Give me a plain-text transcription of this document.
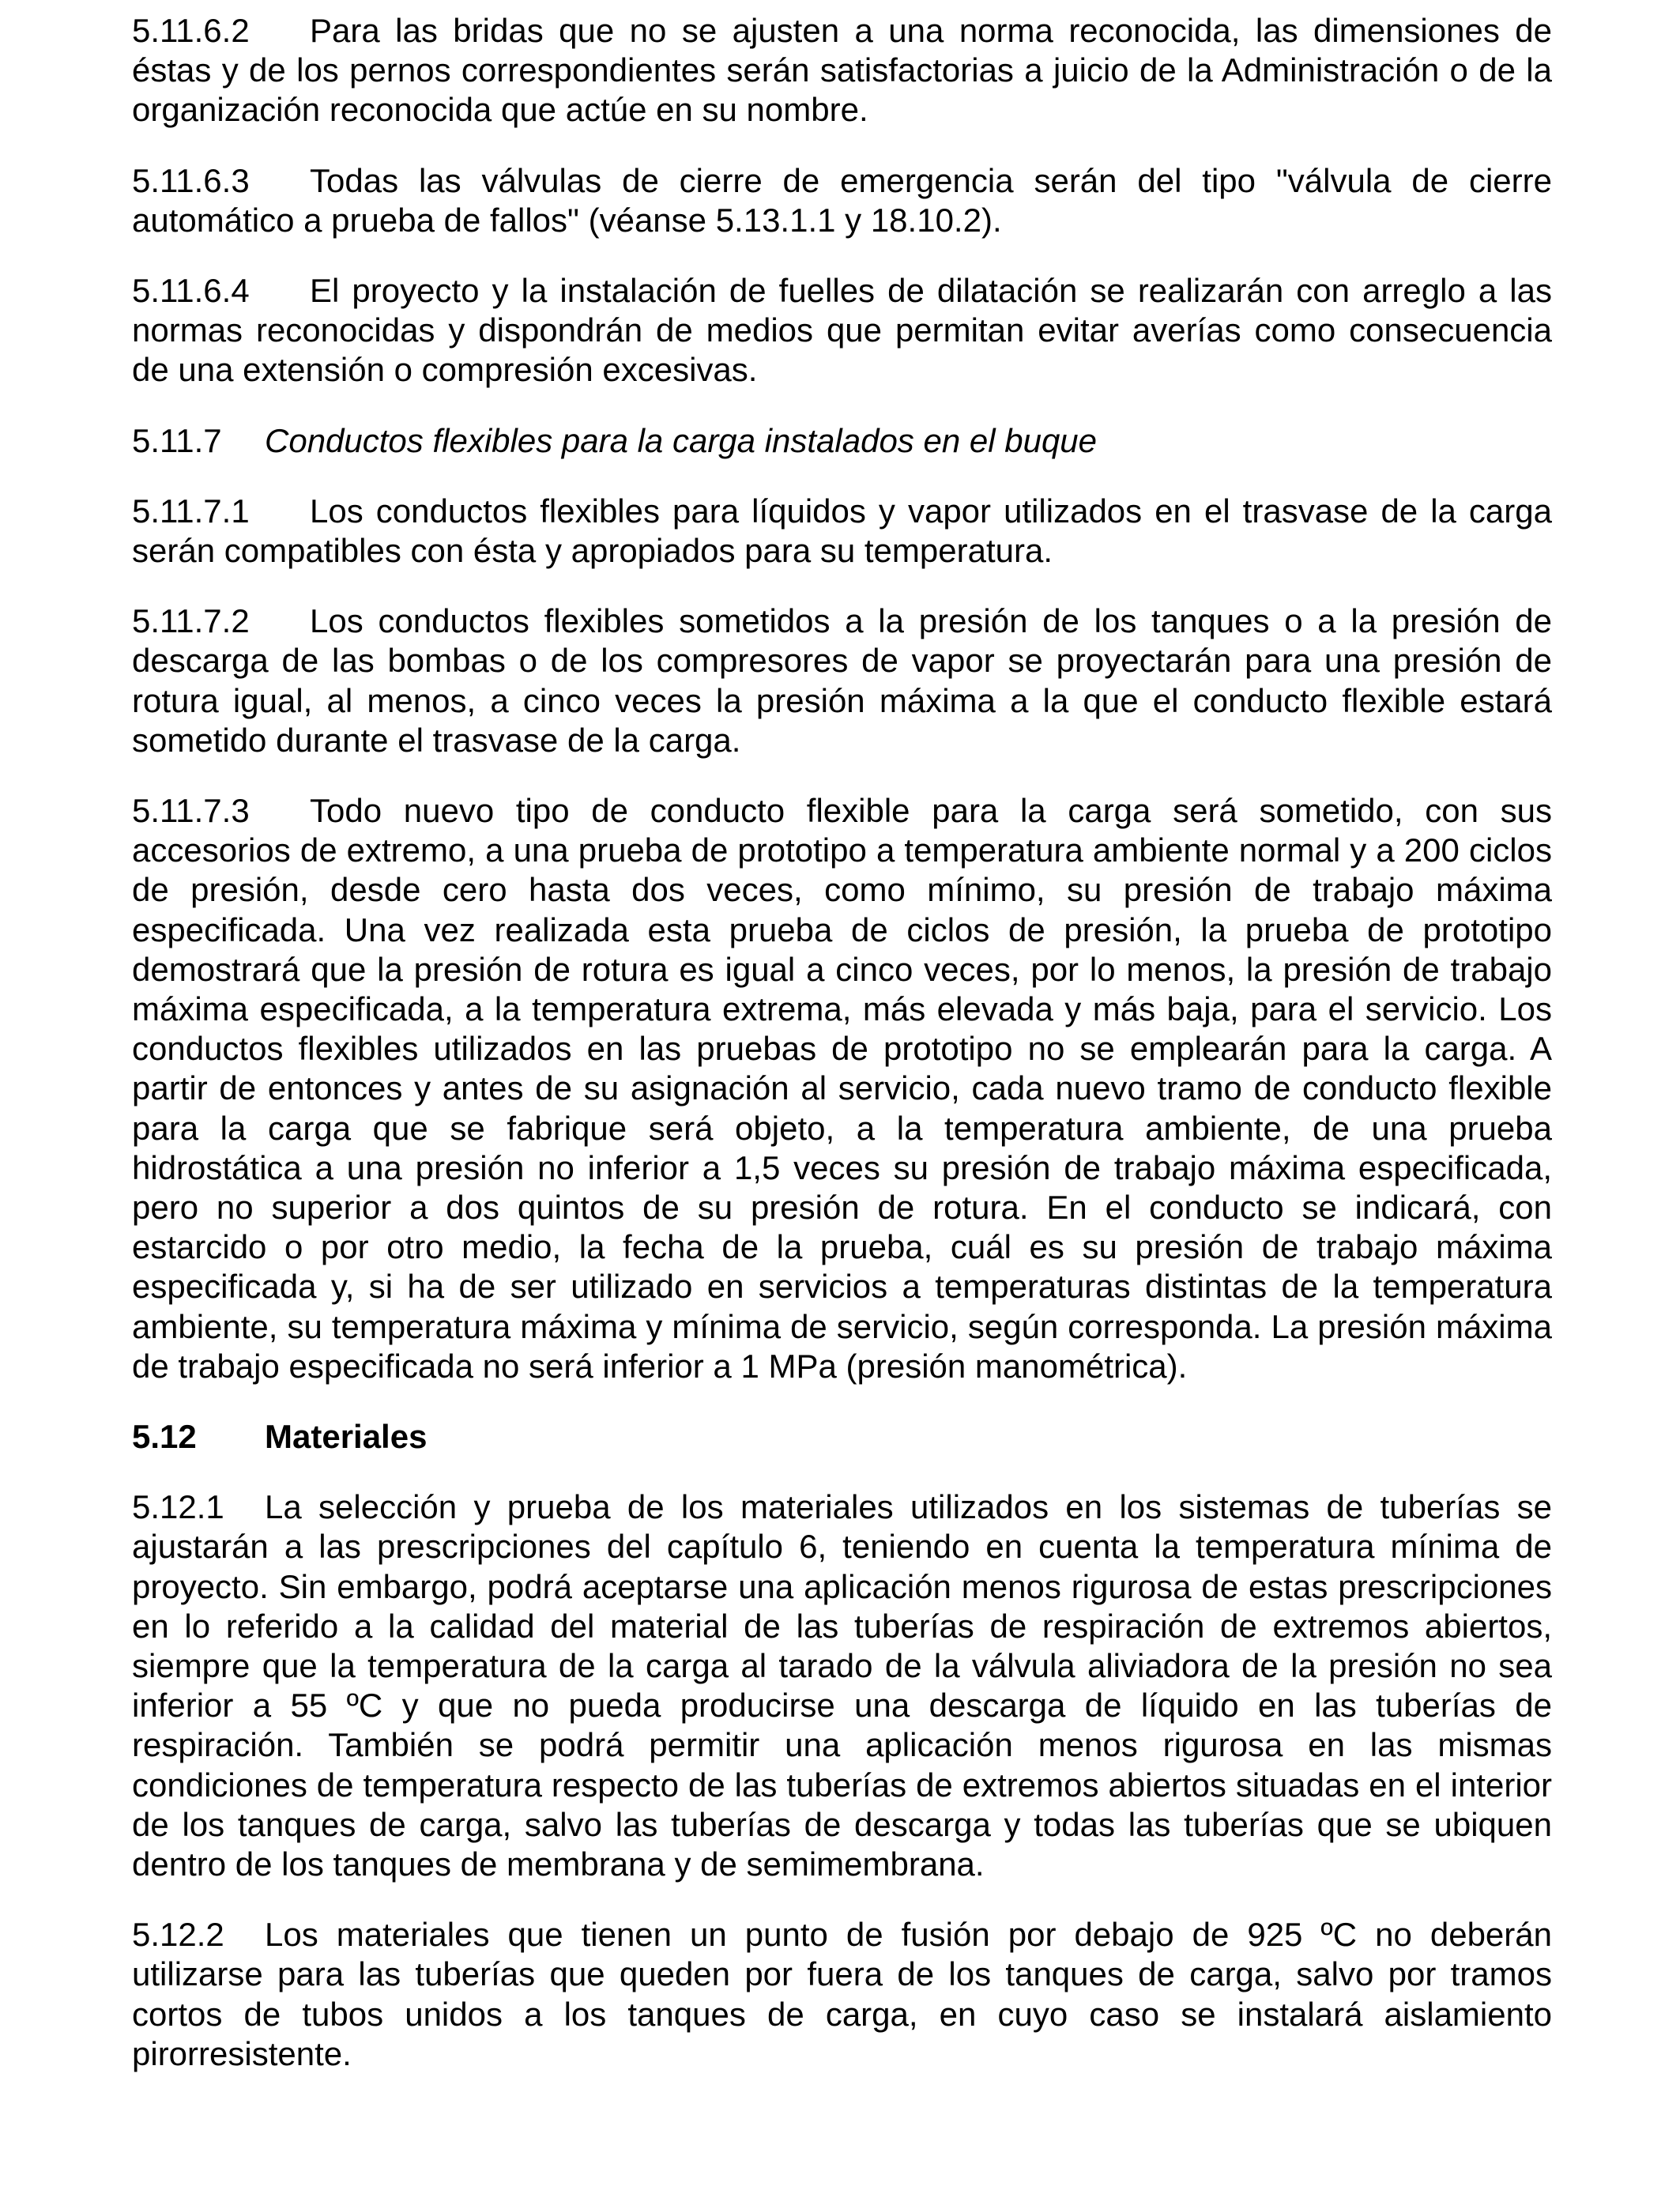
5.11.6.2 Para las bridas que no se ajusten a una norma reconocida, las dimensiones de éstas y de los pernos correspondientes serán satisfactorias a juicio de la Administración o de la organización reconocida que actúe en su nombre.

5.11.6.3 Todas las válvulas de cierre de emergencia serán del tipo "válvula de cierre automático a prueba de fallos" (véanse 5.13.1.1 y 18.10.2).

5.11.6.4 El proyecto y la instalación de fuelles de dilatación se realizarán con arreglo a las normas reconocidas y dispondrán de medios que permitan evitar averías como consecuencia de una extensión o compresión excesivas.

5.11.7 Conductos flexibles para la carga instalados en el buque

5.11.7.1 Los conductos flexibles para líquidos y vapor utilizados en el trasvase de la carga serán compatibles con ésta y apropiados para su temperatura.

5.11.7.2 Los conductos flexibles sometidos a la presión de los tanques o a la presión de descarga de las bombas o de los compresores de vapor se proyectarán para una presión de rotura igual, al menos, a cinco veces la presión máxima a la que el conducto flexible estará sometido durante el trasvase de la carga.

5.11.7.3 Todo nuevo tipo de conducto flexible para la carga será sometido, con sus accesorios de extremo, a una prueba de prototipo a temperatura ambiente normal y a 200 ciclos de presión, desde cero hasta dos veces, como mínimo, su presión de trabajo máxima especificada. Una vez realizada esta prueba de ciclos de presión, la prueba de prototipo demostrará que la presión de rotura es igual a cinco veces, por lo menos, la presión de trabajo máxima especificada, a la temperatura extrema, más elevada y más baja, para el servicio. Los conductos flexibles utilizados en las pruebas de prototipo no se emplearán para la carga. A partir de entonces y antes de su asignación al servicio, cada nuevo tramo de conducto flexible para la carga que se fabrique será objeto, a la temperatura ambiente, de una prueba hidrostática a una presión no inferior a 1,5 veces su presión de trabajo máxima especificada, pero no superior a dos quintos de su presión de rotura. En el conducto se indicará, con estarcido o por otro medio, la fecha de la prueba, cuál es su presión de trabajo máxima especificada y, si ha de ser utilizado en servicios a temperaturas distintas de la temperatura ambiente, su temperatura máxima y mínima de servicio, según corresponda. La presión máxima de trabajo especificada no será inferior a 1 MPa (presión manométrica).

5.12 Materiales

5.12.1 La selección y prueba de los materiales utilizados en los sistemas de tuberías se ajustarán a las prescripciones del capítulo 6, teniendo en cuenta la temperatura mínima de proyecto. Sin embargo, podrá aceptarse una aplicación menos rigurosa de estas prescripciones en lo referido a la calidad del material de las tuberías de respiración de extremos abiertos, siempre que la temperatura de la carga al tarado de la válvula aliviadora de la presión no sea inferior a 55 ºC y que no pueda producirse una descarga de líquido en las tuberías de respiración. También se podrá permitir una aplicación menos rigurosa en las mismas condiciones de temperatura respecto de las tuberías de extremos abiertos situadas en el interior de los tanques de carga, salvo las tuberías de descarga y todas las tuberías que se ubiquen dentro de los tanques de membrana y de semimembrana.

5.12.2 Los materiales que tienen un punto de fusión por debajo de 925 ºC no deberán utilizarse para las tuberías que queden por fuera de los tanques de carga, salvo por tramos cortos de tubos unidos a los tanques de carga, en cuyo caso se instalará aislamiento pirorresistente.
